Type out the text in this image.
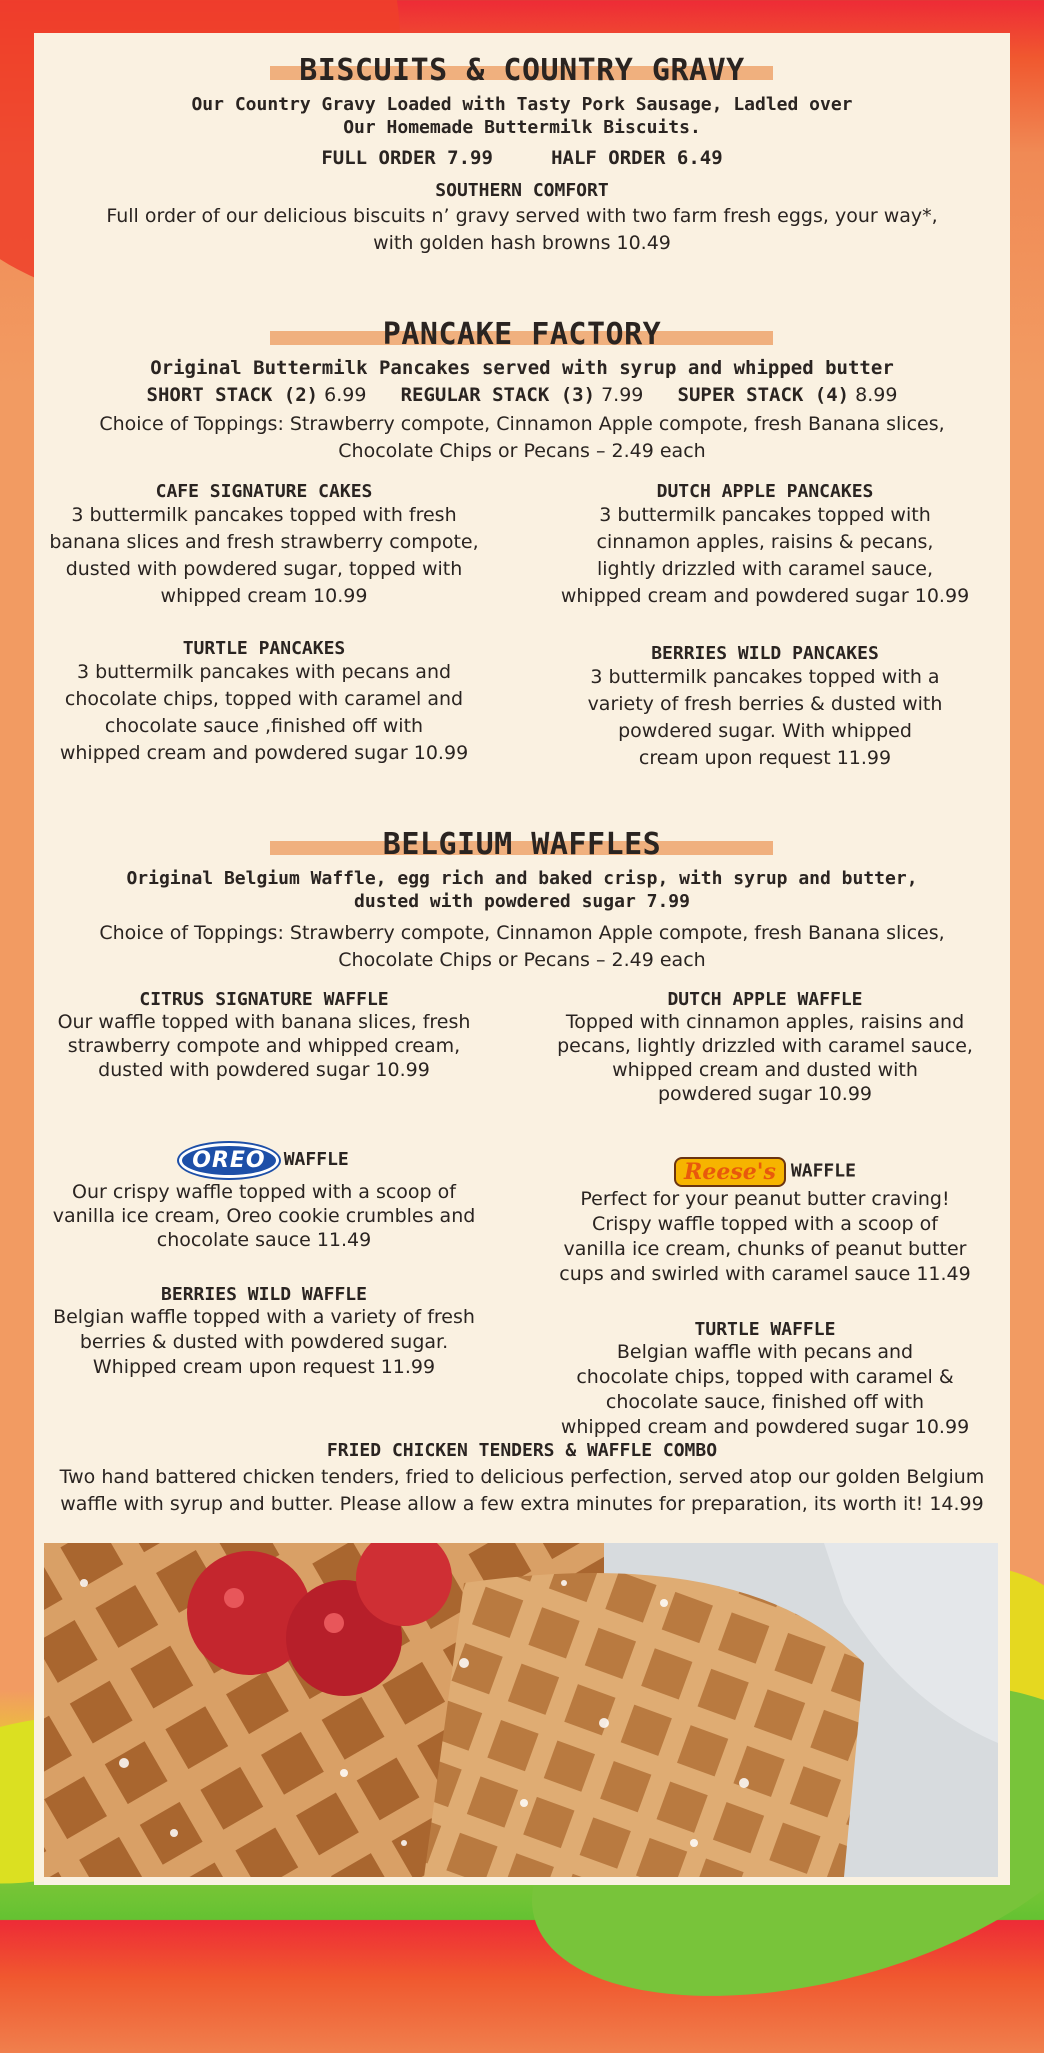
BISCUITS & COUNTRY GRAVY
Our Country Gravy Loaded with Tasty Pork Sausage, Ladled over
Our Homemade Buttermilk Biscuits.
FULL ORDER 7.99	HALF ORDER 6.49
SOUTHERN COMFORT
Full order of our delicious biscuits n’ gravy served with two farm fresh eggs, your way*,
with golden hash browns 10.49
PANCAKE FACTORY
Original Buttermilk Pancakes served with syrup and whipped butter
SHORT STACK (2) 6.99 REGULAR STACK (3) 7.99 SUPER STACK (4) 8.99
Choice of Toppings: Strawberry compote, Cinnamon Apple compote, fresh Banana slices,
Chocolate Chips or Pecans – 2.49 each
CAFE SIGNATURE CAKES
3 buttermilk pancakes topped with fresh
banana slices and fresh strawberry compote,
dusted with powdered sugar, topped with
whipped cream 10.99
DUTCH APPLE PANCAKES
3 buttermilk pancakes topped with
cinnamon apples, raisins & pecans,
lightly drizzled with caramel sauce,
whipped cream and powdered sugar 10.99
TURTLE PANCAKES
3 buttermilk pancakes with pecans and
chocolate chips, topped with caramel and
chocolate sauce ,finished off with
whipped cream and powdered sugar 10.99
BERRIES WILD PANCAKES
3 buttermilk pancakes topped with a
variety of fresh berries & dusted with
powdered sugar. With whipped
cream upon request 11.99
BELGIUM WAFFLES
Original Belgium Waffle, egg rich and baked crisp, with syrup and butter,
dusted with powdered sugar 7.99
Choice of Toppings: Strawberry compote, Cinnamon Apple compote, fresh Banana slices,
Chocolate Chips or Pecans – 2.49 each
CITRUS SIGNATURE WAFFLE
Our waffle topped with banana slices, fresh
strawberry compote and whipped cream,
dusted with powdered sugar 10.99
DUTCH APPLE WAFFLE
Topped with cinnamon apples, raisins and
pecans, lightly drizzled with caramel sauce,
whipped cream and dusted with
powdered sugar 10.99
OREO WAFFLE
Our crispy waffle topped with a scoop of
vanilla ice cream, Oreo cookie crumbles and
chocolate sauce 11.49
Reese's WAFFLE
Perfect for your peanut butter craving!
Crispy waffle topped with a scoop of
vanilla ice cream, chunks of peanut butter
cups and swirled with caramel sauce 11.49
BERRIES WILD WAFFLE
Belgian waffle topped with a variety of fresh
berries & dusted with powdered sugar.
Whipped cream upon request 11.99
TURTLE WAFFLE
Belgian waffle with pecans and
chocolate chips, topped with caramel &
chocolate sauce, finished off with
whipped cream and powdered sugar 10.99
FRIED CHICKEN TENDERS & WAFFLE COMBO
Two hand battered chicken tenders, fried to delicious perfection, served atop our golden Belgium
waffle with syrup and butter. Please allow a few extra minutes for preparation, its worth it! 14.99
